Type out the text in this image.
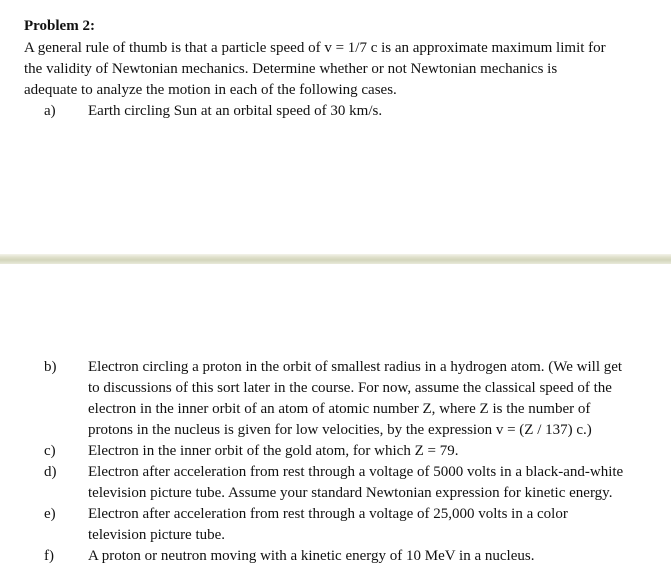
Problem 2:
A general rule of thumb is that a particle speed of v = 1/7 c is an approximate maximum limit for
the validity of Newtonian mechanics. Determine whether or not Newtonian mechanics is
adequate to analyze the motion in each of the following cases.
a)	Earth circling Sun at an orbital speed of 30 km/s.
b)	Electron circling a proton in the orbit of smallest radius in a hydrogen atom. (We will get
to discussions of this sort later in the course. For now, assume the classical speed of the
electron in the inner orbit of an atom of atomic number Z, where Z is the number of
protons in the nucleus is given for low velocities, by the expression v = (Z / 137) c.)
c)	Electron in the inner orbit of the gold atom, for which Z = 79.
d)	Electron after acceleration from rest through a voltage of 5000 volts in a black-and-white
television picture tube. Assume your standard Newtonian expression for kinetic energy.
e)	Electron after acceleration from rest through a voltage of 25,000 volts in a color
television picture tube.
f)	A proton or neutron moving with a kinetic energy of 10 MeV in a nucleus.
